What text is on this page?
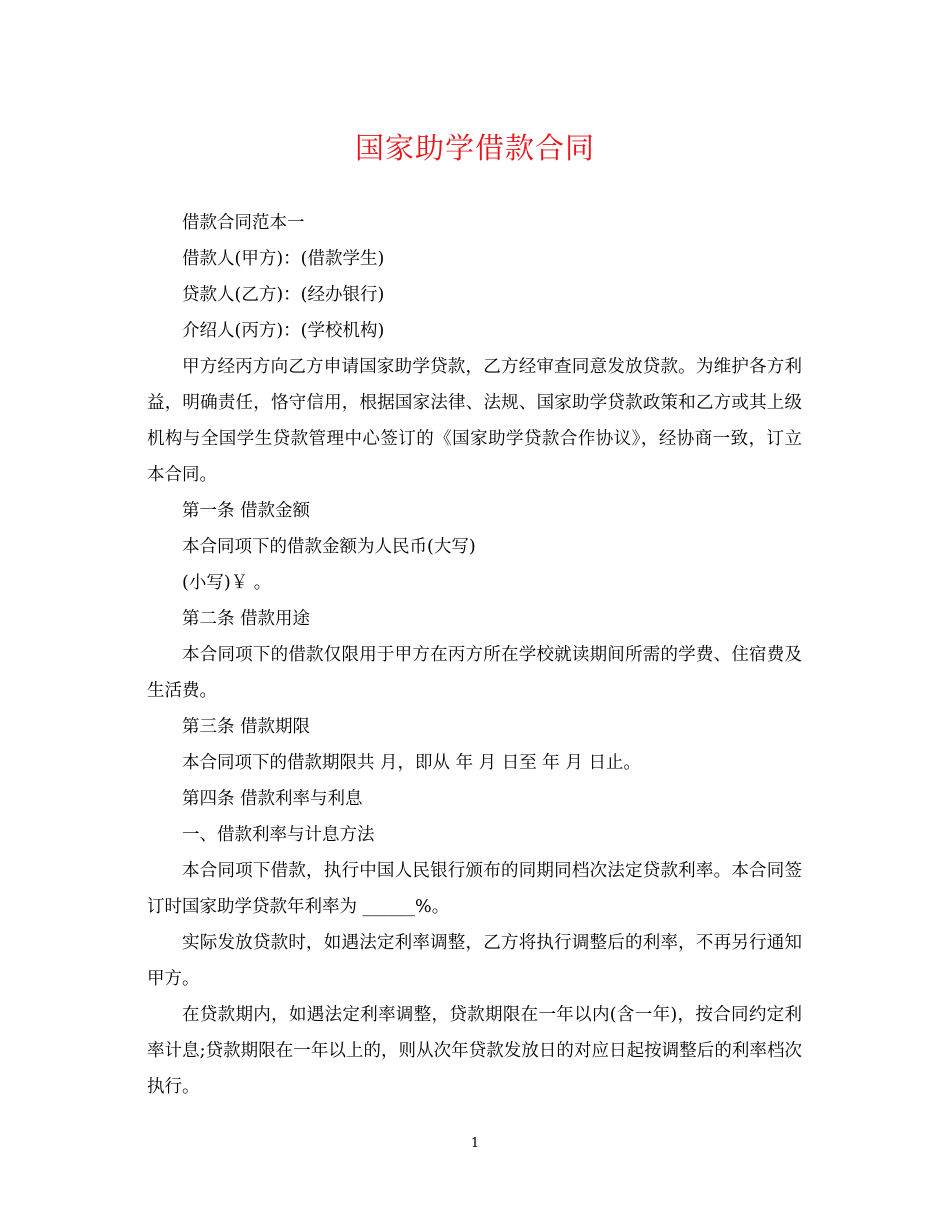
国家助学借款合同

借款合同范本一

借款人(甲方)：(借款学生)

贷款人(乙方)：(经办银行)

介绍人(丙方)：(学校机构)

甲方经丙方向乙方申请国家助学贷款，乙方经审查同意发放贷款。为维护各方利益，明确责任，恪守信用，根据国家法律、法规、国家助学贷款政策和乙方或其上级机构与全国学生贷款管理中心签订的《国家助学贷款合作协议》，经协商一致，订立本合同。

第一条 借款金额

本合同项下的借款金额为人民币(大写)

(小写)￥ 。

第二条 借款用途

本合同项下的借款仅限用于甲方在丙方所在学校就读期间所需的学费、住宿费及生活费。

第三条 借款期限

本合同项下的借款期限共 月，即从 年 月 日至 年 月 日止。

第四条 借款利率与利息

一、借款利率与计息方法

本合同项下借款，执行中国人民银行颁布的同期同档次法定贷款利率。本合同签订时国家助学贷款年利率为 ______%。

实际发放贷款时，如遇法定利率调整，乙方将执行调整后的利率，不再另行通知甲方。

在贷款期内，如遇法定利率调整，贷款期限在一年以内(含一年)，按合同约定利率计息;贷款期限在一年以上的，则从次年贷款发放日的对应日起按调整后的利率档次执行。

1
